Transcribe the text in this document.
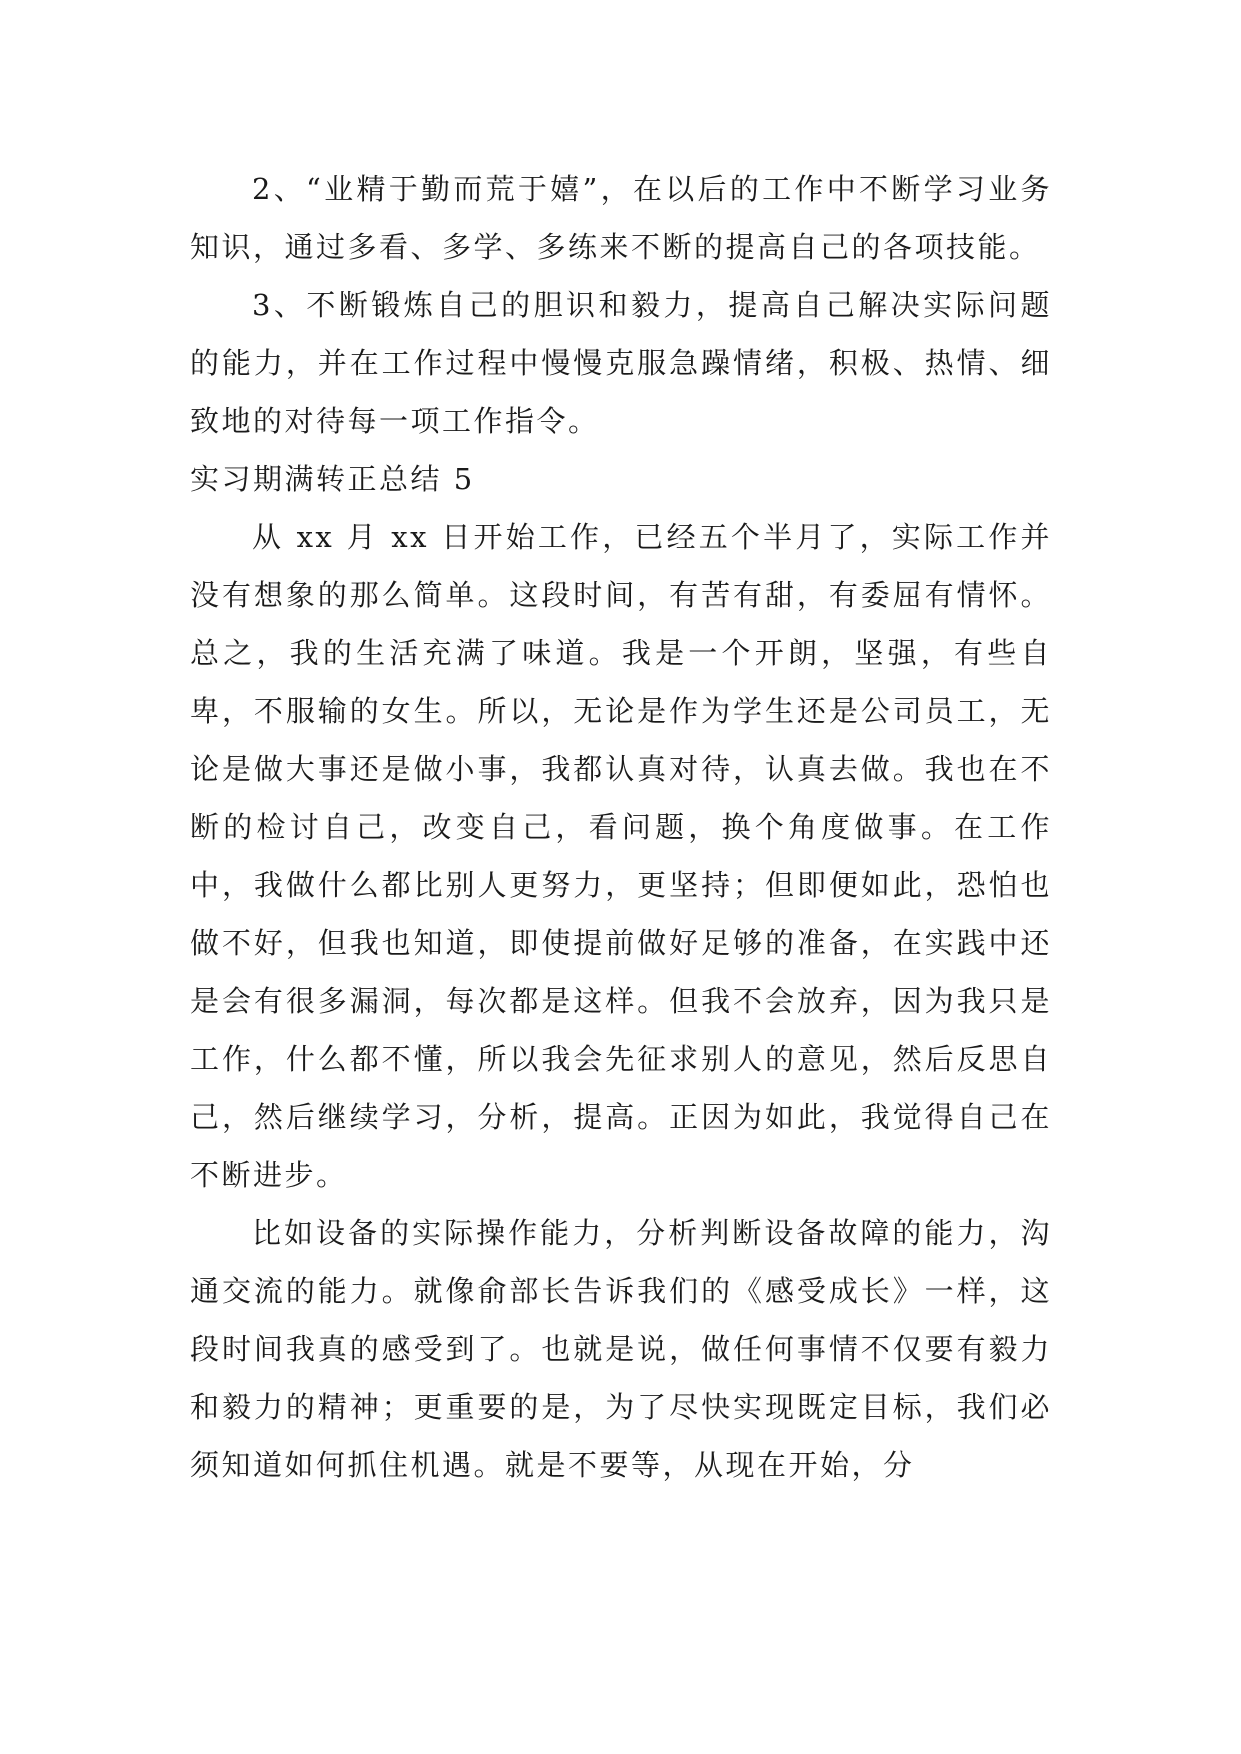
2、“业精于勤而荒于嬉”，在以后的工作中不断学习业务知识，通过多看、多学、多练来不断的提高自己的各项技能。

3、不断锻炼自己的胆识和毅力，提高自己解决实际问题的能力，并在工作过程中慢慢克服急躁情绪，积极、热情、细致地的对待每一项工作指令。

实习期满转正总结 5

从 xx 月 xx 日开始工作，已经五个半月了，实际工作并没有想象的那么简单。这段时间，有苦有甜，有委屈有情怀。总之，我的生活充满了味道。我是一个开朗，坚强，有些自卑，不服输的女生。所以，无论是作为学生还是公司员工，无论是做大事还是做小事，我都认真对待，认真去做。我也在不断的检讨自己，改变自己，看问题，换个角度做事。在工作中，我做什么都比别人更努力，更坚持；但即便如此，恐怕也做不好，但我也知道，即使提前做好足够的准备，在实践中还是会有很多漏洞，每次都是这样。但我不会放弃，因为我只是工作，什么都不懂，所以我会先征求别人的意见，然后反思自己，然后继续学习，分析，提高。正因为如此，我觉得自己在不断进步。

比如设备的实际操作能力，分析判断设备故障的能力，沟通交流的能力。就像俞部长告诉我们的《感受成长》一样，这段时间我真的感受到了。也就是说，做任何事情不仅要有毅力和毅力的精神；更重要的是，为了尽快实现既定目标，我们必须知道如何抓住机遇。就是不要等，从现在开始，分
